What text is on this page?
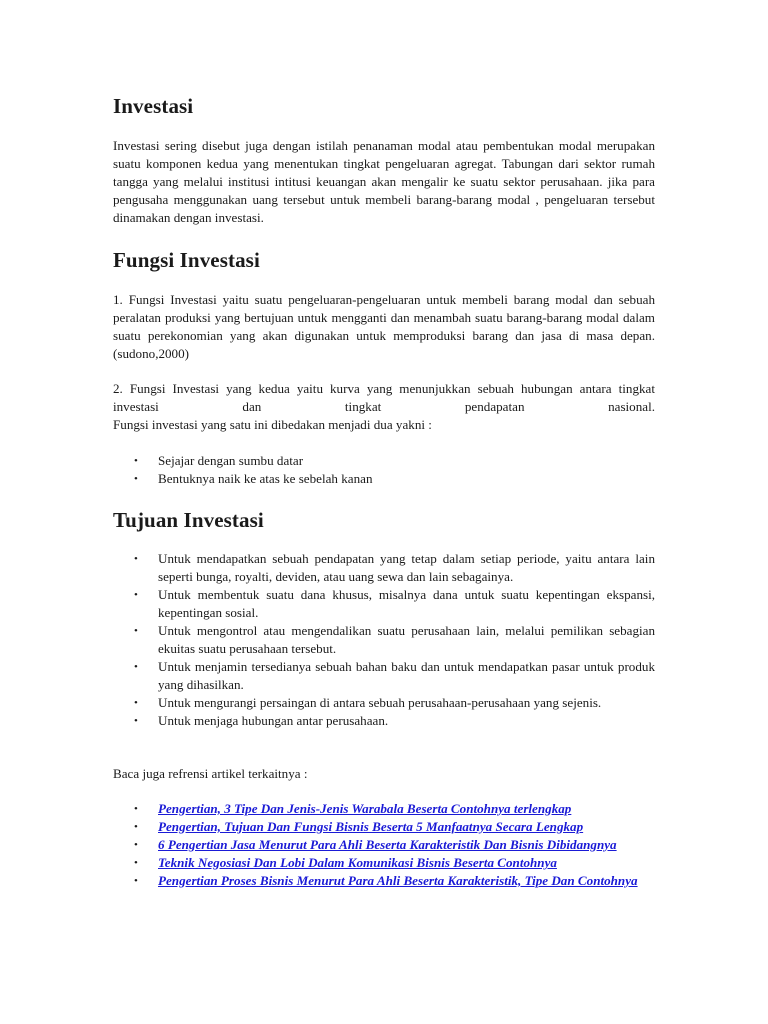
Investasi

Investasi sering disebut juga dengan istilah penanaman modal atau pembentukan modal merupakan suatu komponen kedua yang menentukan tingkat pengeluaran agregat. Tabungan dari sektor rumah tangga yang melalui institusi intitusi keuangan akan mengalir ke suatu sektor perusahaan. jika para pengusaha menggunakan uang tersebut untuk membeli barang-barang modal , pengeluaran tersebut dinamakan dengan investasi.

Fungsi Investasi

1. Fungsi Investasi yaitu suatu pengeluaran-pengeluaran untuk membeli barang modal dan sebuah peralatan produksi yang bertujuan untuk mengganti dan menambah suatu barang-barang modal dalam suatu perekonomian yang akan digunakan untuk memproduksi barang dan jasa di masa depan.(sudono,2000)

2. Fungsi Investasi yang kedua yaitu kurva yang menunjukkan sebuah hubungan antara tingkat investasi dan tingkat pendapatan nasional.
Fungsi investasi yang satu ini dibedakan menjadi dua yakni :

• Sejajar dengan sumbu datar
• Bentuknya naik ke atas ke sebelah kanan
Tujuan Investasi
• Untuk mendapatkan sebuah pendapatan yang tetap dalam setiap periode, yaitu antara lain seperti bunga, royalti, deviden, atau uang sewa dan lain sebagainya.
• Untuk membentuk suatu dana khusus, misalnya dana untuk suatu kepentingan ekspansi, kepentingan sosial.
• Untuk mengontrol atau mengendalikan suatu perusahaan lain, melalui pemilikan sebagian ekuitas suatu perusahaan tersebut.
• Untuk menjamin tersedianya sebuah bahan baku dan untuk mendapatkan pasar untuk produk yang dihasilkan.
• Untuk mengurangi persaingan di antara sebuah perusahaan-perusahaan yang sejenis.
• Untuk menjaga hubungan antar perusahaan.

Baca juga refrensi artikel terkaitnya :

• Pengertian, 3 Tipe Dan Jenis-Jenis Warabala Beserta Contohnya terlengkap
• Pengertian, Tujuan Dan Fungsi Bisnis Beserta 5 Manfaatnya Secara Lengkap
• 6 Pengertian Jasa Menurut Para Ahli Beserta Karakteristik Dan Bisnis Dibidangnya
• Teknik Negosiasi Dan Lobi Dalam Komunikasi Bisnis Beserta Contohnya
• Pengertian Proses Bisnis Menurut Para Ahli Beserta Karakteristik, Tipe Dan Contohnya
